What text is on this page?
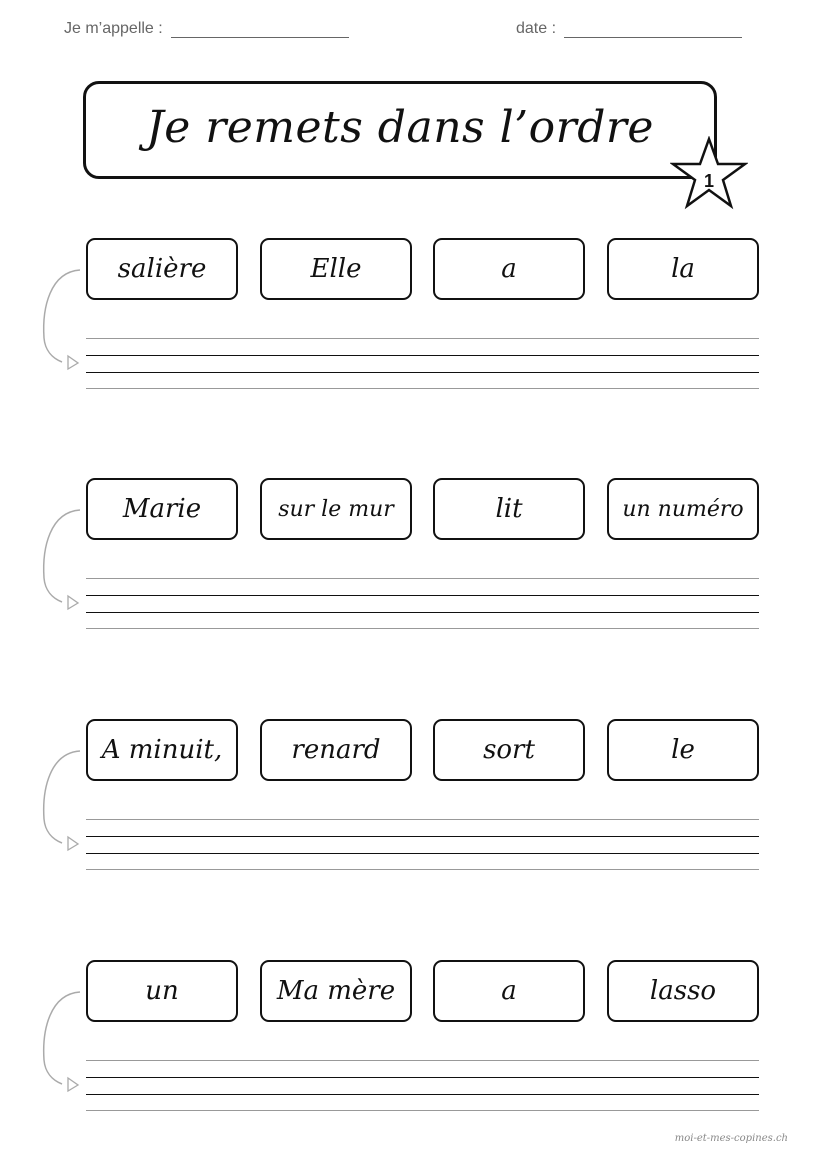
Je m’appelle :	date :
Je remets dans l’ordre
1
salière	Elle	a	la
Marie	sur le mur	lit	un numéro
A minuit,	renard	sort	le
un	Ma mère	a	lasso
moi-et-mes-copines.ch
